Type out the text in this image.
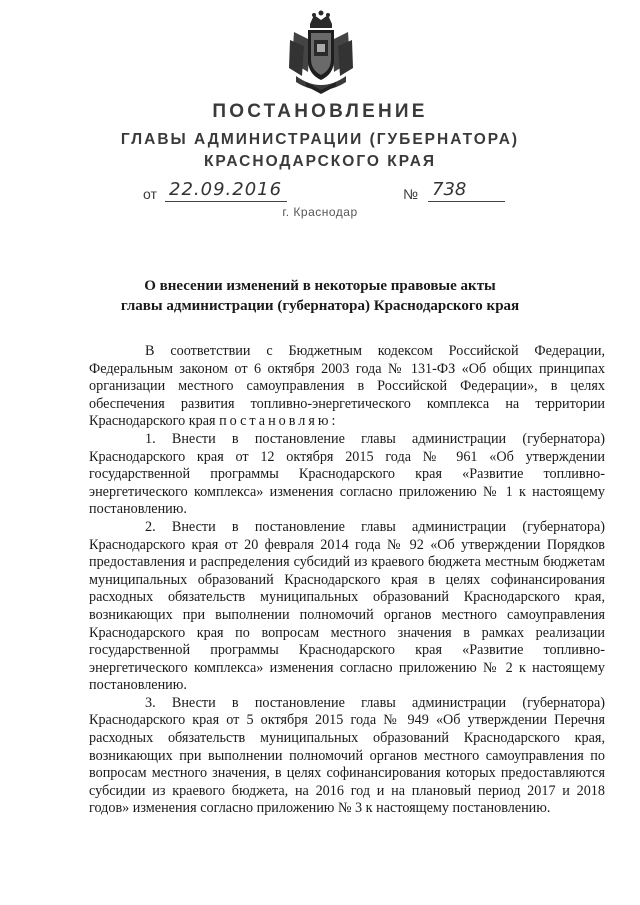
ПОСТАНОВЛЕНИЕ
ГЛАВЫ АДМИНИСТРАЦИИ (ГУБЕРНАТОРА)
КРАСНОДАРСКОГО КРАЯ
от 22.09.2016	№ 738
г. Краснодар
О внесении изменений в некоторые правовые акты
главы администрации (губернатора) Краснодарского края

В соответствии с Бюджетным кодексом Российской Федерации, Федеральным законом от 6 октября 2003 года № 131-ФЗ «Об общих принципах организации местного самоуправления в Российской Федерации», в целях обеспечения развития топливно-энергетического комплекса на территории Краснодарского края постановляю:

1. Внести в постановление главы администрации (губернатора) Краснодарского края от 12 октября 2015 года № 961 «Об утверждении государственной программы Краснодарского края «Развитие топливно-энергетического комплекса» изменения согласно приложению № 1 к настоящему постановлению.

2. Внести в постановление главы администрации (губернатора) Краснодарского края от 20 февраля 2014 года № 92 «Об утверждении Порядков предоставления и распределения субсидий из краевого бюджета местным бюджетам муниципальных образований Краснодарского края в целях софинансирования расходных обязательств муниципальных образований Краснодарского края, возникающих при выполнении полномочий органов местного самоуправления Краснодарского края по вопросам местного значения в рамках реализации государственной программы Краснодарского края «Развитие топливно-энергетического комплекса» изменения согласно приложению № 2 к настоящему постановлению.

3. Внести в постановление главы администрации (губернатора) Краснодарского края от 5 октября 2015 года № 949 «Об утверждении Перечня расходных обязательств муниципальных образований Краснодарского края, возникающих при выполнении полномочий органов местного самоуправления по вопросам местного значения, в целях софинансирования которых предоставляются субсидии из краевого бюджета, на 2016 год и на плановый период 2017 и 2018 годов» изменения согласно приложению № 3 к настоящему постановлению.
